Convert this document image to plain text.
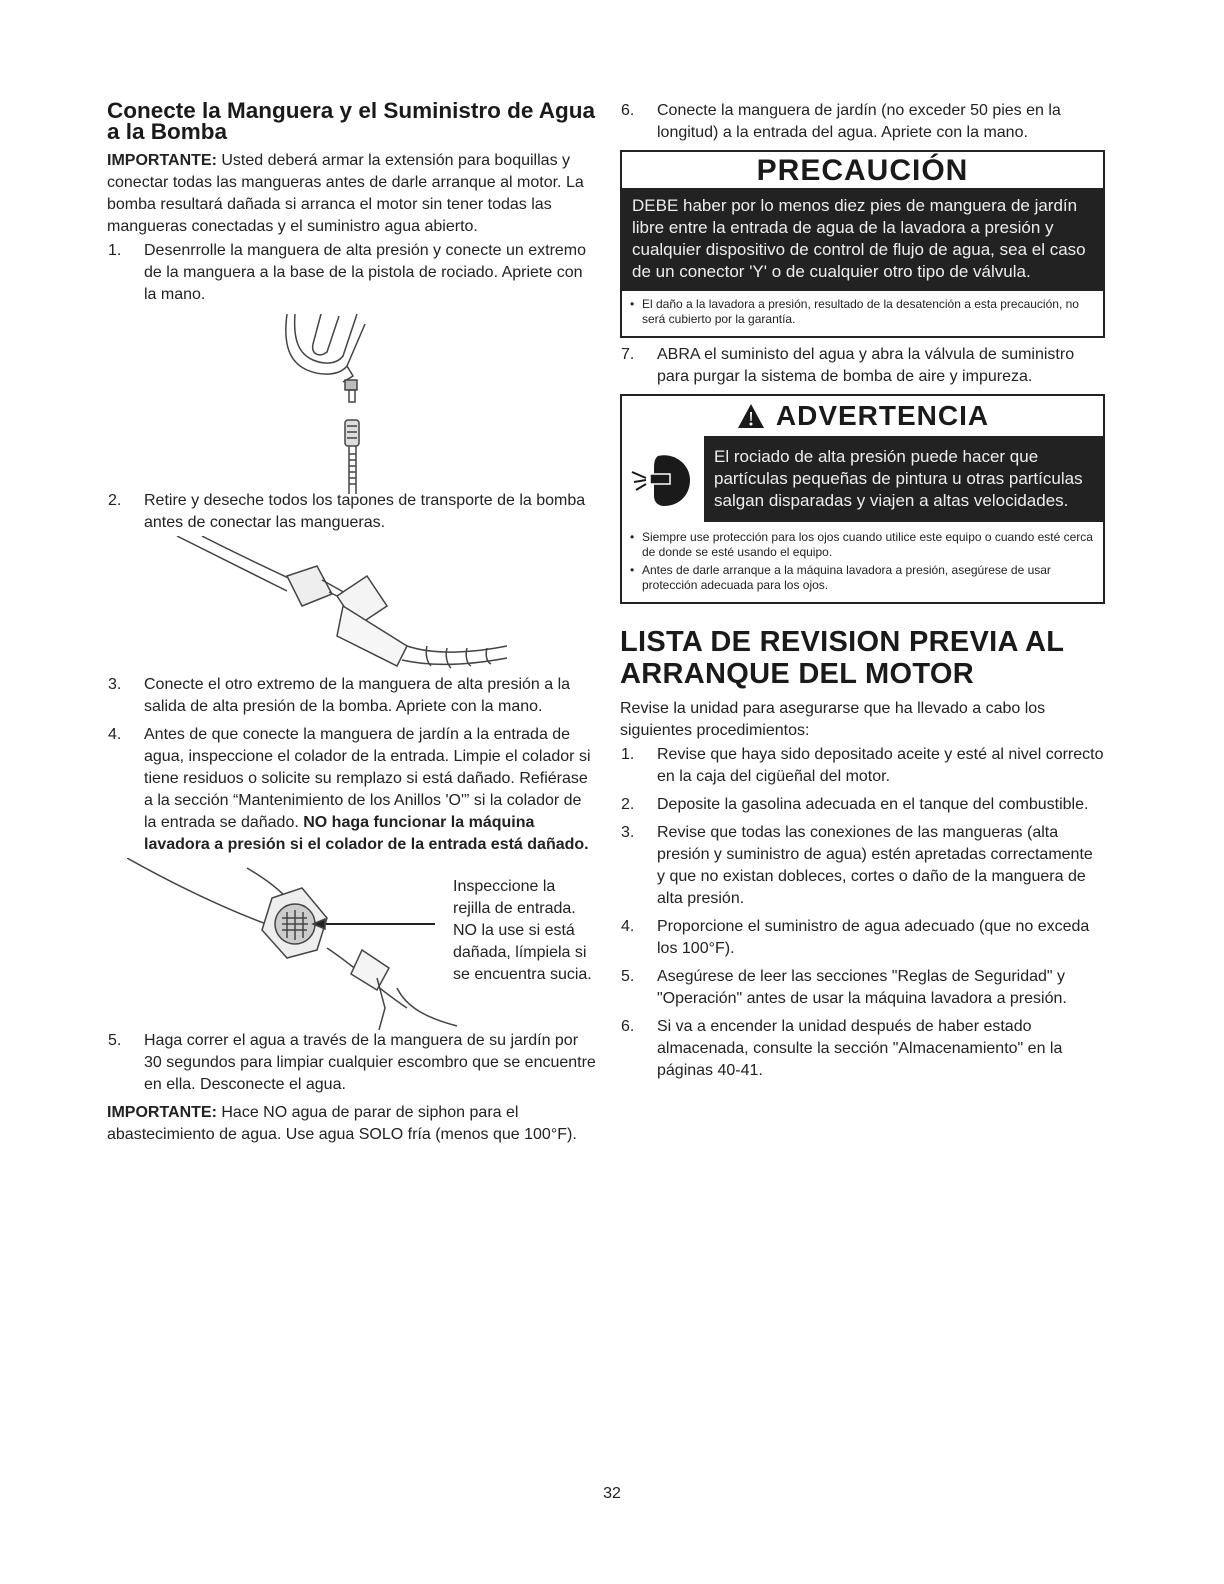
Conecte la Manguera y el Suministro de Agua a la Bomba

IMPORTANTE: Usted deberá armar la extensión para boquillas y conectar todas las mangueras antes de darle arranque al motor. La bomba resultará dañada si arranca el motor sin tener todas las mangueras conectadas y el suministro agua abierto.

1. Desenrrolle la manguera de alta presión y conecte un extremo de la manguera a la base de la pistola de rociado. Apriete con la mano.
2. Retire y deseche todos los tapones de transporte de la bomba antes de conectar las mangueras.
3. Conecte el otro extremo de la manguera de alta presión a la salida de alta presión de la bomba. Apriete con la mano.
4. Antes de que conecte la manguera de jardín a la entrada de agua, inspeccione el colador de la entrada. Limpie el colador si tiene residuos o solicite su remplazo si está dañado. Refiérase a la sección “Mantenimiento de los Anillos 'O'” si la colador de la entrada se dañado. NO haga funcionar la máquina lavadora a presión si el colador de la entrada está dañado.
Inspeccione la rejilla de entrada. NO la use si está dañada, límpiela si se encuentra sucia.
5. Haga correr el agua a través de la manguera de su jardín por 30 segundos para limpiar cualquier escombro que se encuentre en ella. Desconecte el agua.

IMPORTANTE: Hace NO agua de parar de siphon para el abastecimiento de agua. Use agua SOLO fría (menos que 100°F).

6. Conecte la manguera de jardín (no exceder 50 pies en la longitud) a la entrada del agua. Apriete con la mano.
PRECAUCIÓN
DEBE haber por lo menos diez pies de manguera de jardín libre entre la entrada de agua de la lavadora a presión y cualquier dispositivo de control de flujo de agua, sea el caso de un conector 'Y' o de cualquier otro tipo de válvula.
• El daño a la lavadora a presión, resultado de la desatención a esta precaución, no será cubierto por la garantía.
7. ABRA el suministo del agua y abra la válvula de suministro para purgar la sistema de bomba de aire y impureza.
ADVERTENCIA
El rociado de alta presión puede hacer que partículas pequeñas de pintura u otras partículas salgan disparadas y viajen a altas velocidades.
• Siempre use protección para los ojos cuando utilice este equipo o cuando esté cerca de donde se esté usando el equipo.
• Antes de darle arranque a la máquina lavadora a presión, asegúrese de usar protección adecuada para los ojos.
LISTA DE REVISION PREVIA AL ARRANQUE DEL MOTOR

Revise la unidad para asegurarse que ha llevado a cabo los siguientes procedimientos:

1. Revise que haya sido depositado aceite y esté al nivel correcto en la caja del cigüeñal del motor.
2. Deposite la gasolina adecuada en el tanque del combustible.
3. Revise que todas las conexiones de las mangueras (alta presión y suministro de agua) estén apretadas correctamente y que no existan dobleces, cortes o daño de la manguera de alta presión.
4. Proporcione el suministro de agua adecuado (que no exceda los 100°F).
5. Asegúrese de leer las secciones "Reglas de Seguridad" y "Operación" antes de usar la máquina lavadora a presión.
6. Si va a encender la unidad después de haber estado almacenada, consulte la sección "Almacenamiento" en la páginas 40-41.
32
